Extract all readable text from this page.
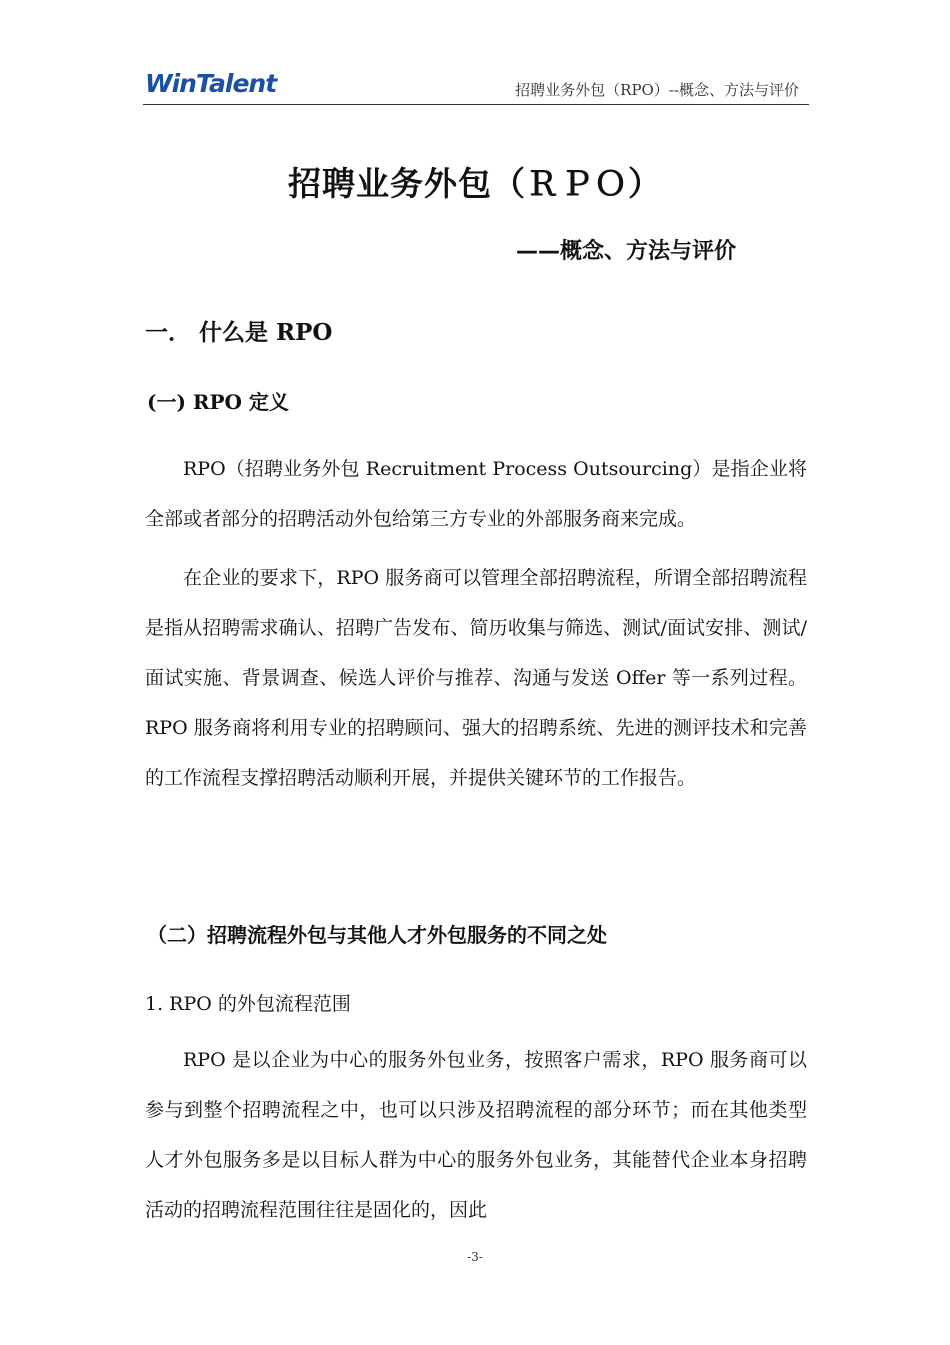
WinTalent	招聘业务外包（RPO）--概念、方法与评价
招聘业务外包（ＲＰＯ）
——概念、方法与评价
一． 什么是 RPO
(一) RPO 定义

RPO（招聘业务外包 Recruitment Process Outsourcing）是指企业将全部或者部分的招聘活动外包给第三方专业的外部服务商来完成。

在企业的要求下，RPO 服务商可以管理全部招聘流程，所谓全部招聘流程是指从招聘需求确认、招聘广告发布、简历收集与筛选、测试/面试安排、测试/面试实施、背景调查、候选人评价与推荐、沟通与发送 Offer 等一系列过程。RPO 服务商将利用专业的招聘顾问、强大的招聘系统、先进的测评技术和完善的工作流程支撑招聘活动顺利开展，并提供关键环节的工作报告。

（二）招聘流程外包与其他人才外包服务的不同之处
1. RPO 的外包流程范围

RPO 是以企业为中心的服务外包业务，按照客户需求，RPO 服务商可以参与到整个招聘流程之中，也可以只涉及招聘流程的部分环节；而在其他类型人才外包服务多是以目标人群为中心的服务外包业务，其能替代企业本身招聘活动的招聘流程范围往往是固化的，因此

-3-
